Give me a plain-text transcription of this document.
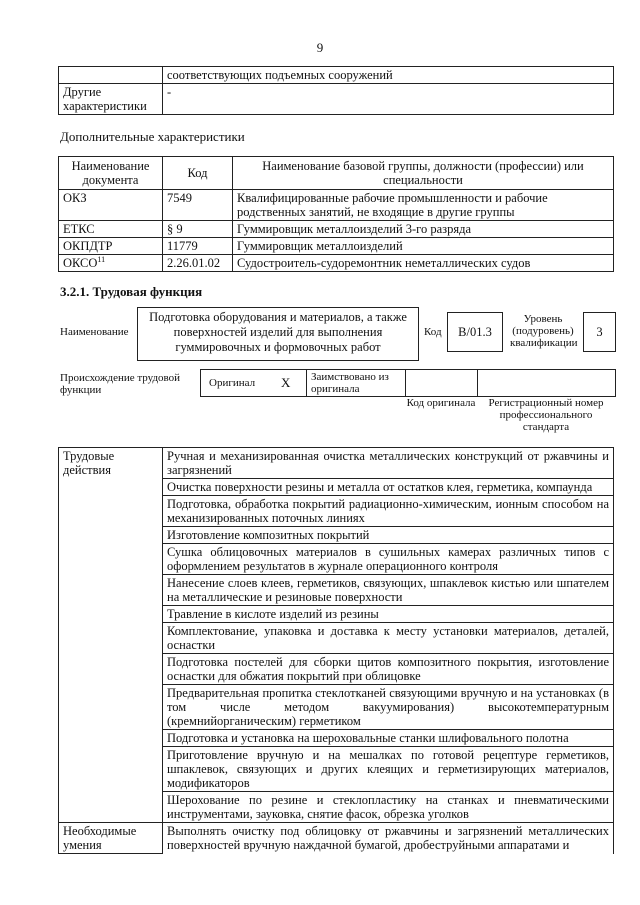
9
	соответствующих подъемных сооружений
Другие характеристики	-
Дополнительные характеристики
Наименование документа	Код	Наименование базовой группы, должности (профессии) или специальности
ОКЗ	7549	Квалифицированные рабочие промышленности и рабочие родственных занятий, не входящие в другие группы
ЕТКС	§ 9	Гуммировщик металлоизделий 3-го разряда
ОКПДТР	11779	Гуммировщик металлоизделий
ОКСО$^{11}$	2.26.01.02	Судостроитель-судоремонтник неметаллических судов
3.2.1. Трудовая функция
Наименование
Подготовка оборудования и материалов, а также поверхностей изделий для выполнения гуммировочных и формовочных работ
Код	B/01.3
Уровень (подуровень) квалификации
3
Происхождение трудовой функции
Оригинал X Заимствовано из оригинала
Код оригинала	Регистрационный номер профессионального стандарта
Трудовые действия	Ручная и механизированная очистка металлических конструкций от ржавчины и загрязнений
	Очистка поверхности резины и металла от остатков клея, герметика, компаунда
	Подготовка, обработка покрытий радиационно-химическим, ионным способом на механизированных поточных линиях
	Изготовление композитных покрытий
	Сушка облицовочных материалов в сушильных камерах различных типов с оформлением результатов в журнале операционного контроля
	Нанесение слоев клеев, герметиков, связующих, шпаклевок кистью или шпателем на металлические и резиновые поверхности
	Травление в кислоте изделий из резины
	Комплектование, упаковка и доставка к месту установки материалов, деталей, оснастки
	Подготовка постелей для сборки щитов композитного покрытия, изготовление оснастки для обжатия покрытий при облицовке
	Предварительная пропитка стеклотканей связующими вручную и на установках (в том числе методом вакуумирования) высокотемпературным (кремнийорганическим) герметиком
	Подготовка и установка на шероховальные станки шлифовального полотна
	Приготовление вручную и на мешалках по готовой рецептуре герметиков, шпаклевок, связующих и других клеящих и герметизирующих материалов, модификаторов
	Шерохование по резине и стеклопластику на станках и пневматическими инструментами, зауковка, снятие фасок, обрезка уголков
Необходимые умения	Выполнять очистку под облицовку от ржавчины и загрязнений металлических поверхностей вручную наждачной бумагой, дробеструйными аппаратами и
